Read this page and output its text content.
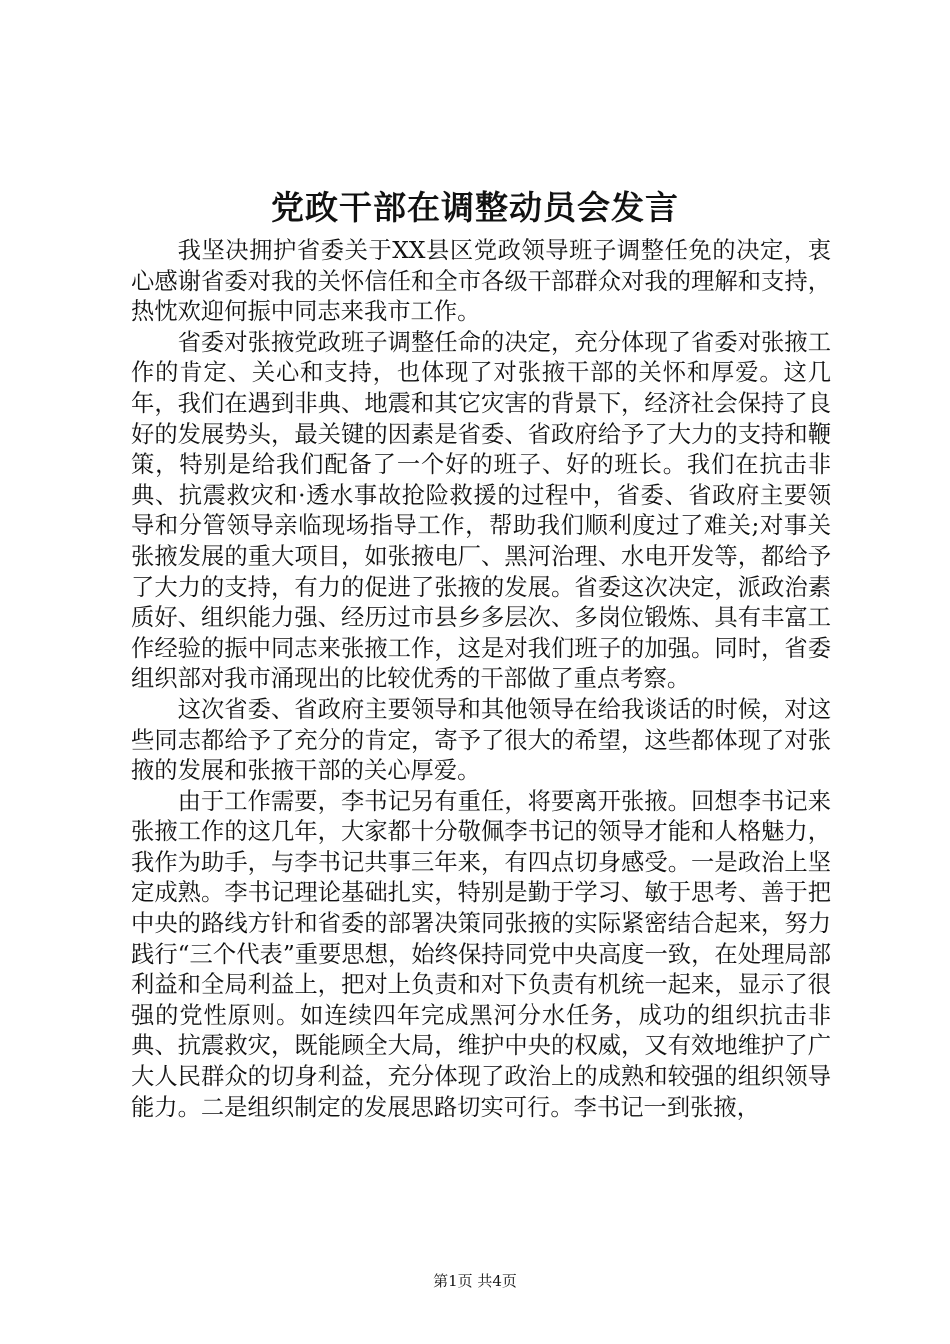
党政干部在调整动员会发言

我坚决拥护省委关于XX县区党政领导班子调整任免的决定，衷心感谢省委对我的关怀信任和全市各级干部群众对我的理解和支持，热忱欢迎何振中同志来我市工作。

省委对张掖党政班子调整任命的决定，充分体现了省委对张掖工作的肯定、关心和支持，也体现了对张掖干部的关怀和厚爱。这几年，我们在遇到非典、地震和其它灾害的背景下，经济社会保持了良好的发展势头，最关键的因素是省委、省政府给予了大力的支持和鞭策，特别是给我们配备了一个好的班子、好的班长。我们在抗击非典、抗震救灾和·透水事故抢险救援的过程中，省委、省政府主要领导和分管领导亲临现场指导工作，帮助我们顺利度过了难关;对事关张掖发展的重大项目，如张掖电厂、黑河治理、水电开发等，都给予了大力的支持，有力的促进了张掖的发展。省委这次决定，派政治素质好、组织能力强、经历过市县乡多层次、多岗位锻炼、具有丰富工作经验的振中同志来张掖工作，这是对我们班子的加强。同时，省委组织部对我市涌现出的比较优秀的干部做了重点考察。

这次省委、省政府主要领导和其他领导在给我谈话的时候，对这些同志都给予了充分的肯定，寄予了很大的希望，这些都体现了对张掖的发展和张掖干部的关心厚爱。

由于工作需要，李书记另有重任，将要离开张掖。回想李书记来张掖工作的这几年，大家都十分敬佩李书记的领导才能和人格魅力，我作为助手，与李书记共事三年来，有四点切身感受。一是政治上坚定成熟。李书记理论基础扎实，特别是勤于学习、敏于思考、善于把中央的路线方针和省委的部署决策同张掖的实际紧密结合起来，努力践行“三个代表”重要思想，始终保持同党中央高度一致，在处理局部利益和全局利益上，把对上负责和对下负责有机统一起来，显示了很强的党性原则。如连续四年完成黑河分水任务，成功的组织抗击非典、抗震救灾，既能顾全大局，维护中央的权威，又有效地维护了广大人民群众的切身利益，充分体现了政治上的成熟和较强的组织领导能力。二是组织制定的发展思路切实可行。李书记一到张掖，

第1页 共4页
